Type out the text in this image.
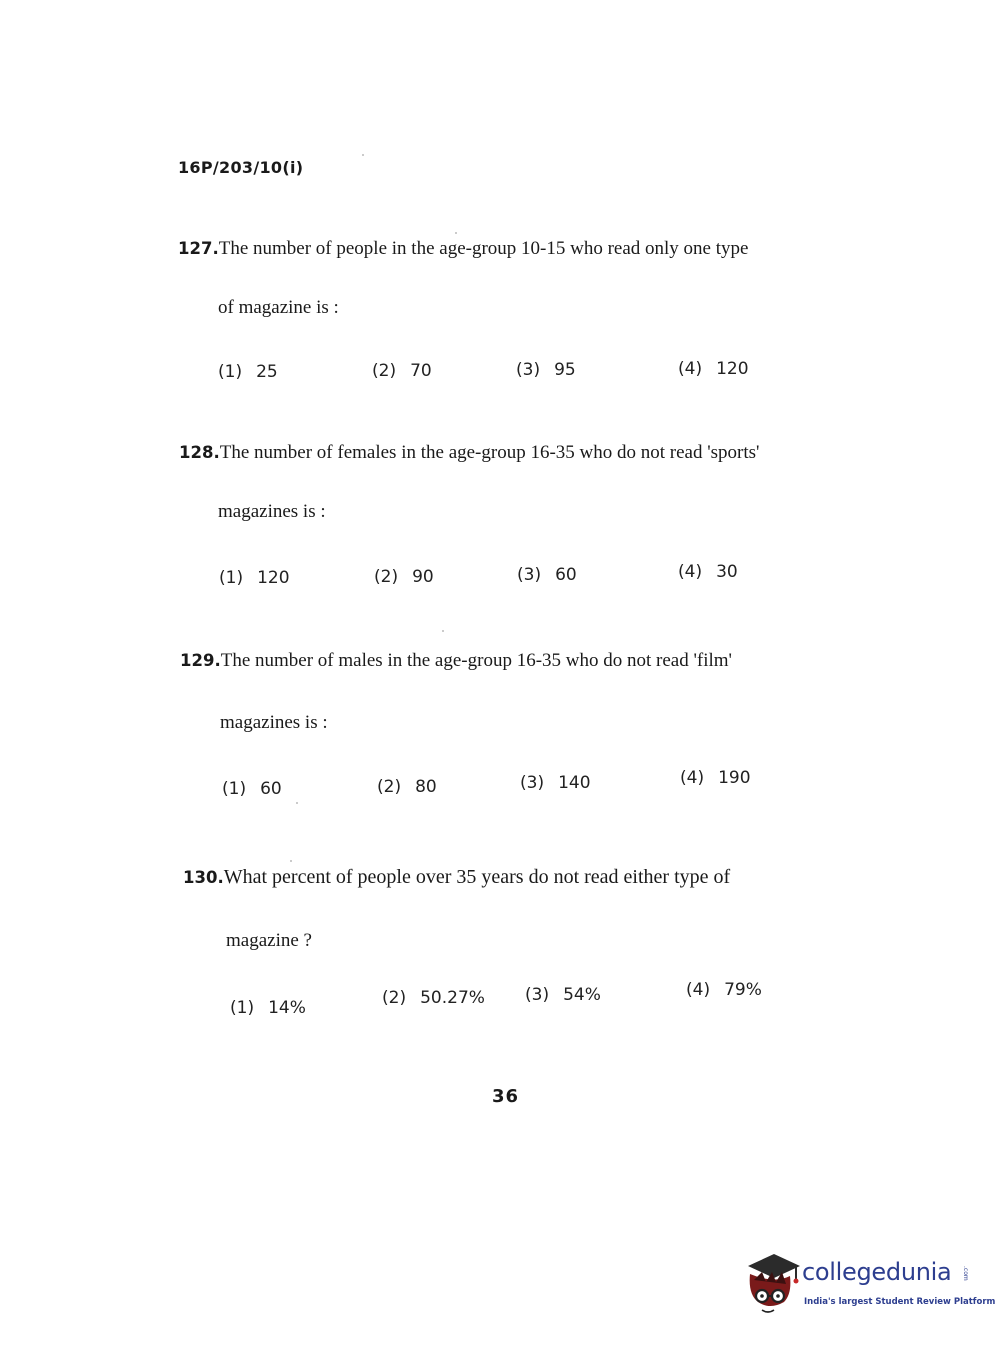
16P/203/10(i)
127.The number of people in the age-group 10-15 who read only one type
of magazine is :
(1) 25	(2) 70	(3) 95	(4) 120
128.The number of females in the age-group 16-35 who do not read 'sports'
magazines is :
(1) 120	(2) 90	(3) 60	(4) 30
129.The number of males in the age-group 16-35 who do not read 'film'
magazines is :
(1) 60	(2) 80	(3) 140	(4) 190
130.What percent of people over 35 years do not read either type of
magazine ?
(1) 14%	(2) 50.27% (3) 54%	(4) 79%
36
collegedunia .com
India's largest Student Review Platform
